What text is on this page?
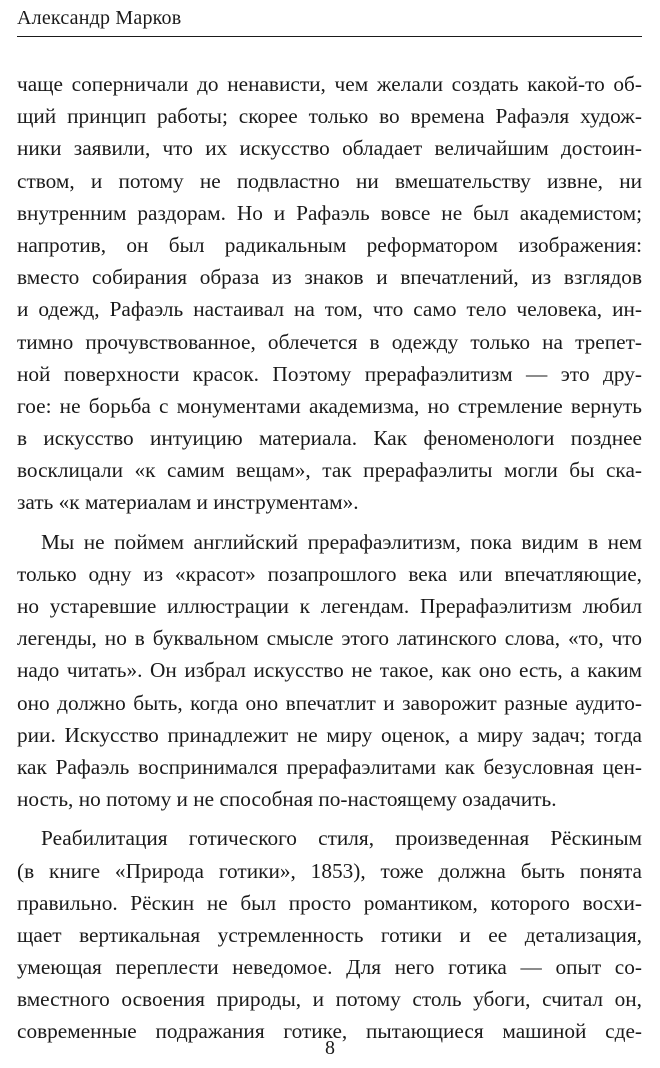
Александр Марков
чаще соперничали до ненависти, чем желали создать какой-то об-
щий принцип работы; скорее только во времена Рафаэля худож-
ники заявили, что их искусство обладает величайшим достоин-
ством, и потому не подвластно ни вмешательству извне, ни
внутренним раздорам. Но и Рафаэль вовсе не был академистом;
напротив, он был радикальным реформатором изображения:
вместо собирания образа из знаков и впечатлений, из взглядов
и одежд, Рафаэль настаивал на том, что само тело человека, ин-
тимно прочувствованное, облечется в одежду только на трепет-
ной поверхности красок. Поэтому прерафаэлитизм — это дру-
гое: не борьба с монументами академизма, но стремление вернуть
в искусство интуицию материала. Как феноменологи позднее
восклицали «к самим вещам», так прерафаэлиты могли бы ска-
зать «к материалам и инструментам».
Мы не поймем английский прерафаэлитизм, пока видим в нем
только одну из «красот» позапрошлого века или впечатляющие,
но устаревшие иллюстрации к легендам. Прерафаэлитизм любил
легенды, но в буквальном смысле этого латинского слова, «то, что
надо читать». Он избрал искусство не такое, как оно есть, а каким
оно должно быть, когда оно впечатлит и заворожит разные аудито-
рии. Искусство принадлежит не миру оценок, а миру задач; тогда
как Рафаэль воспринимался прерафаэлитами как безусловная цен-
ность, но потому и не способная по-настоящему озадачить.
Реабилитация готического стиля, произведенная Рёскиным
(в книге «Природа готики», 1853), тоже должна быть понята
правильно. Рёскин не был просто романтиком, которого восхи-
щает вертикальная устремленность готики и ее детализация,
умеющая переплести неведомое. Для него готика — опыт со-
вместного освоения природы, и потому столь убоги, считал он,
современные подражания готике, пытающиеся машиной сде-
8
